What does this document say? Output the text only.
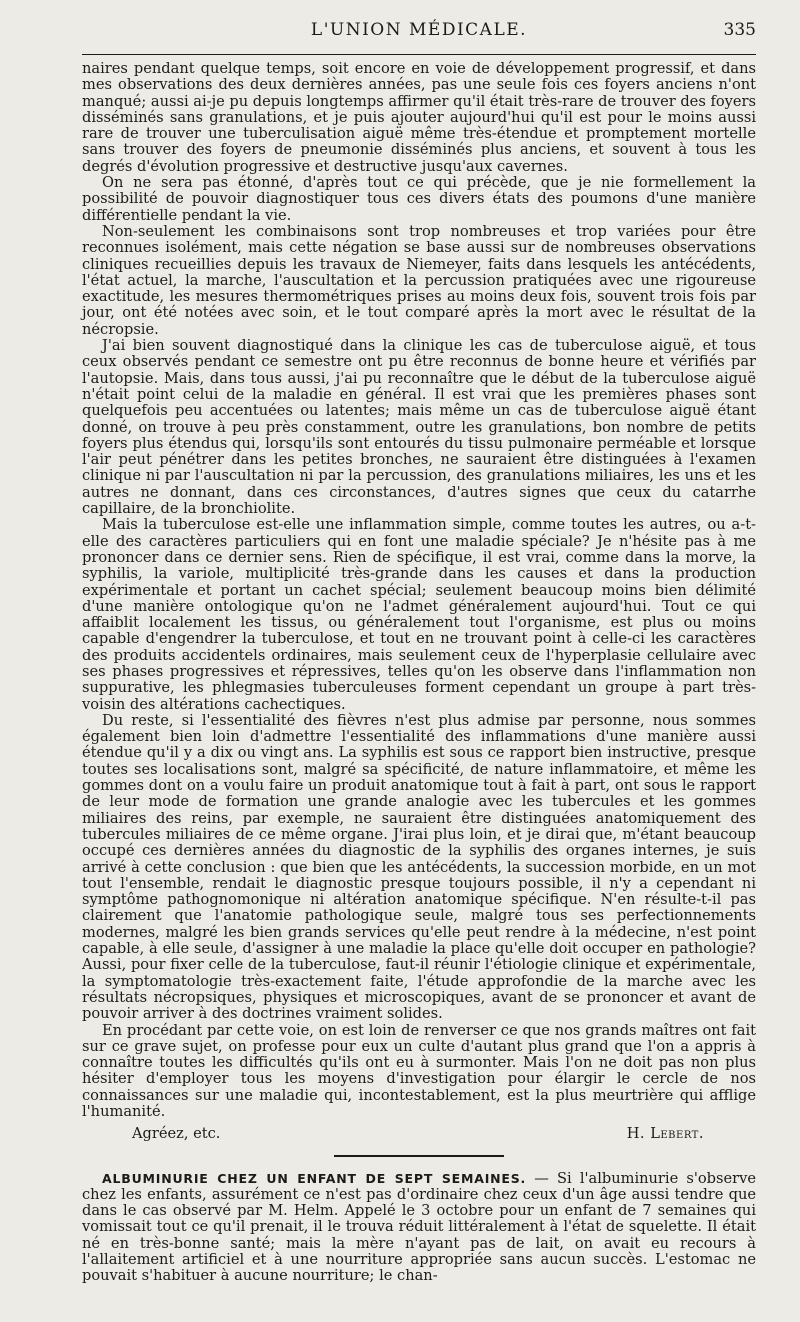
L'UNION MÉDICALE.	335

naires pendant quelque temps, soit encore en voie de développement progressif, et dans mes observations des deux dernières années, pas une seule fois ces foyers anciens n'ont manqué; aussi ai-je pu depuis longtemps affirmer qu'il était très-rare de trouver des foyers disséminés sans granulations, et je puis ajouter aujourd'hui qu'il est pour le moins aussi rare de trouver une tuberculisation aiguë même très-étendue et promptement mortelle sans trouver des foyers de pneumonie disséminés plus anciens, et souvent à tous les degrés d'évolution progressive et destructive jusqu'aux cavernes.

On ne sera pas étonné, d'après tout ce qui précède, que je nie formellement la possibilité de pouvoir diagnostiquer tous ces divers états des poumons d'une manière différentielle pendant la vie.

Non-seulement les combinaisons sont trop nombreuses et trop variées pour être reconnues isolément, mais cette négation se base aussi sur de nombreuses observations cliniques recueillies depuis les travaux de Niemeyer, faits dans lesquels les antécédents, l'état actuel, la marche, l'auscultation et la percussion pratiquées avec une rigoureuse exactitude, les mesures thermométriques prises au moins deux fois, souvent trois fois par jour, ont été notées avec soin, et le tout comparé après la mort avec le résultat de la nécropsie.

J'ai bien souvent diagnostiqué dans la clinique les cas de tuberculose aiguë, et tous ceux observés pendant ce semestre ont pu être reconnus de bonne heure et vérifiés par l'autopsie. Mais, dans tous aussi, j'ai pu reconnaître que le début de la tuberculose aiguë n'était point celui de la maladie en général. Il est vrai que les premières phases sont quelquefois peu accentuées ou latentes; mais même un cas de tuberculose aiguë étant donné, on trouve à peu près constamment, outre les granulations, bon nombre de petits foyers plus étendus qui, lorsqu'ils sont entourés du tissu pulmonaire perméable et lorsque l'air peut pénétrer dans les petites bronches, ne sauraient être distinguées à l'examen clinique ni par l'auscultation ni par la percussion, des granulations miliaires, les uns et les autres ne donnant, dans ces circonstances, d'autres signes que ceux du catarrhe capillaire, de la bronchiolite.

Mais la tuberculose est-elle une inflammation simple, comme toutes les autres, ou a-t-elle des caractères particuliers qui en font une maladie spéciale? Je n'hésite pas à me prononcer dans ce dernier sens. Rien de spécifique, il est vrai, comme dans la morve, la syphilis, la variole, multiplicité très-grande dans les causes et dans la production expérimentale et portant un cachet spécial; seulement beaucoup moins bien délimité d'une manière ontologique qu'on ne l'admet généralement aujourd'hui. Tout ce qui affaiblit localement les tissus, ou généralement tout l'organisme, est plus ou moins capable d'engendrer la tuberculose, et tout en ne trouvant point à celle-ci les caractères des produits accidentels ordinaires, mais seulement ceux de l'hyperplasie cellulaire avec ses phases progressives et répressives, telles qu'on les observe dans l'inflammation non suppurative, les phlegmasies tuberculeuses forment cependant un groupe à part très-voisin des altérations cachectiques.

Du reste, si l'essentialité des fièvres n'est plus admise par personne, nous sommes également bien loin d'admettre l'essentialité des inflammations d'une manière aussi étendue qu'il y a dix ou vingt ans. La syphilis est sous ce rapport bien instructive, presque toutes ses localisations sont, malgré sa spécificité, de nature inflammatoire, et même les gommes dont on a voulu faire un produit anatomique tout à fait à part, ont sous le rapport de leur mode de formation une grande analogie avec les tubercules et les gommes miliaires des reins, par exemple, ne sauraient être distinguées anatomiquement des tubercules miliaires de ce même organe. J'irai plus loin, et je dirai que, m'étant beaucoup occupé ces dernières années du diagnostic de la syphilis des organes internes, je suis arrivé à cette conclusion : que bien que les antécédents, la succession morbide, en un mot tout l'ensemble, rendait le diagnostic presque toujours possible, il n'y a cependant ni symptôme pathognomonique ni altération anatomique spécifique. N'en résulte-t-il pas clairement que l'anatomie pathologique seule, malgré tous ses perfectionnements modernes, malgré les bien grands services qu'elle peut rendre à la médecine, n'est point capable, à elle seule, d'assigner à une maladie la place qu'elle doit occuper en pathologie? Aussi, pour fixer celle de la tuberculose, faut-il réunir l'étiologie clinique et expérimentale, la symptomatologie très-exactement faite, l'étude approfondie de la marche avec les résultats nécropsiques, physiques et microscopiques, avant de se prononcer et avant de pouvoir arriver à des doctrines vraiment solides.

En procédant par cette voie, on est loin de renverser ce que nos grands maîtres ont fait sur ce grave sujet, on professe pour eux un culte d'autant plus grand que l'on a appris à connaître toutes les difficultés qu'ils ont eu à surmonter. Mais l'on ne doit pas non plus hésiter d'employer tous les moyens d'investigation pour élargir le cercle de nos connaissances sur une maladie qui, incontestablement, est la plus meurtrière qui afflige l'humanité.

Agréez, etc.	H. Lebert.

ALBUMINURIE CHEZ UN ENFANT DE SEPT SEMAINES. — Si l'albuminurie s'observe chez les enfants, assurément ce n'est pas d'ordinaire chez ceux d'un âge aussi tendre que dans le cas observé par M. Helm. Appelé le 3 octobre pour un enfant de 7 semaines qui vomissait tout ce qu'il prenait, il le trouva réduit littéralement à l'état de squelette. Il était né en très-bonne santé; mais la mère n'ayant pas de lait, on avait eu recours à l'allaitement artificiel et à une nourriture appropriée sans aucun succès. L'estomac ne pouvait s'habituer à aucune nourriture; le chan-
